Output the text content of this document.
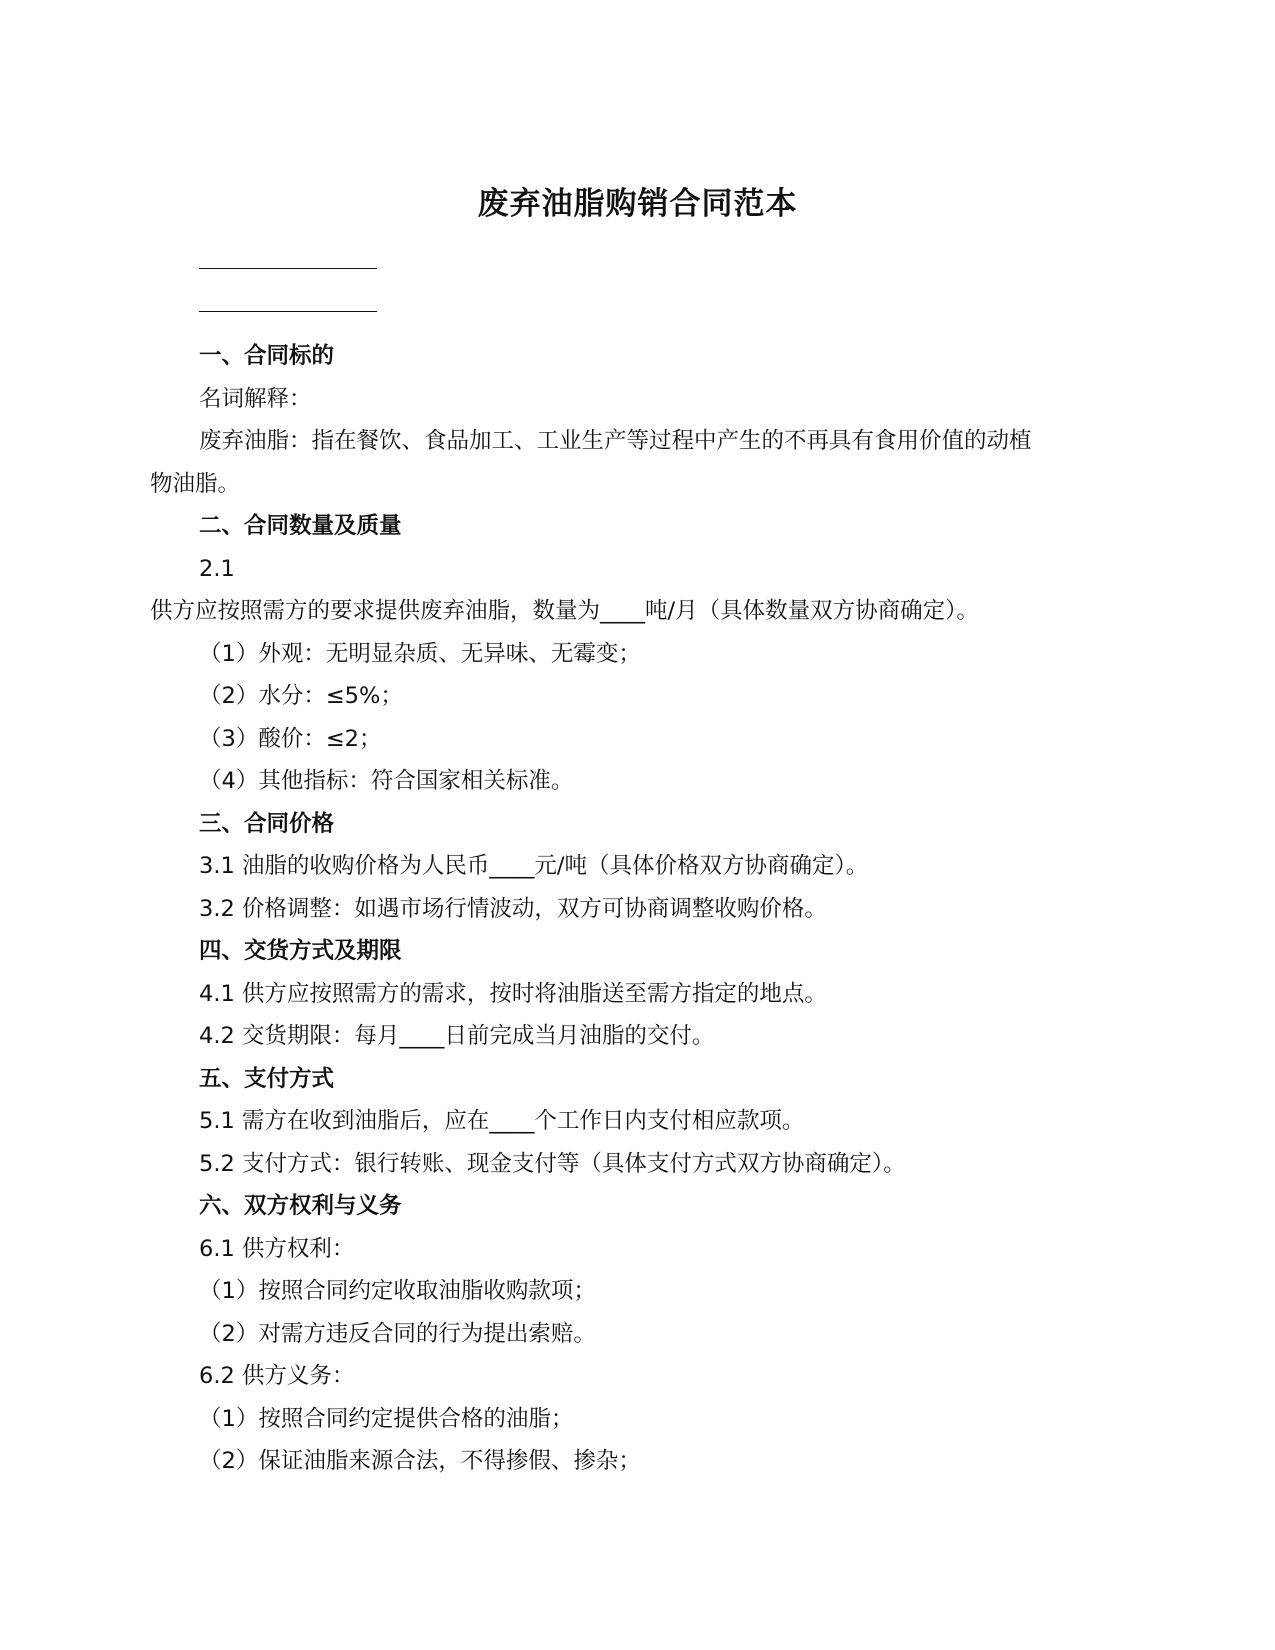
废弃油脂购销合同范本
一、合同标的
名词解释：
废弃油脂：指在餐饮、食品加工、工业生产等过程中产生的不再具有食用价值的动植
物油脂。
二、合同数量及质量
2.1
供方应按照需方的要求提供废弃油脂，数量为____吨/月（具体数量双方协商确定）。
（1）外观：无明显杂质、无异味、无霉变；
（2）水分：≤5%；
（3）酸价：≤2；
（4）其他指标：符合国家相关标准。
三、合同价格
3.1 油脂的收购价格为人民币____元/吨（具体价格双方协商确定）。
3.2 价格调整：如遇市场行情波动，双方可协商调整收购价格。
四、交货方式及期限
4.1 供方应按照需方的需求，按时将油脂送至需方指定的地点。
4.2 交货期限：每月____日前完成当月油脂的交付。
五、支付方式
5.1 需方在收到油脂后，应在____个工作日内支付相应款项。
5.2 支付方式：银行转账、现金支付等（具体支付方式双方协商确定）。
六、双方权利与义务
6.1 供方权利：
（1）按照合同约定收取油脂收购款项；
（2）对需方违反合同的行为提出索赔。
6.2 供方义务：
（1）按照合同约定提供合格的油脂；
（2）保证油脂来源合法，不得掺假、掺杂；
